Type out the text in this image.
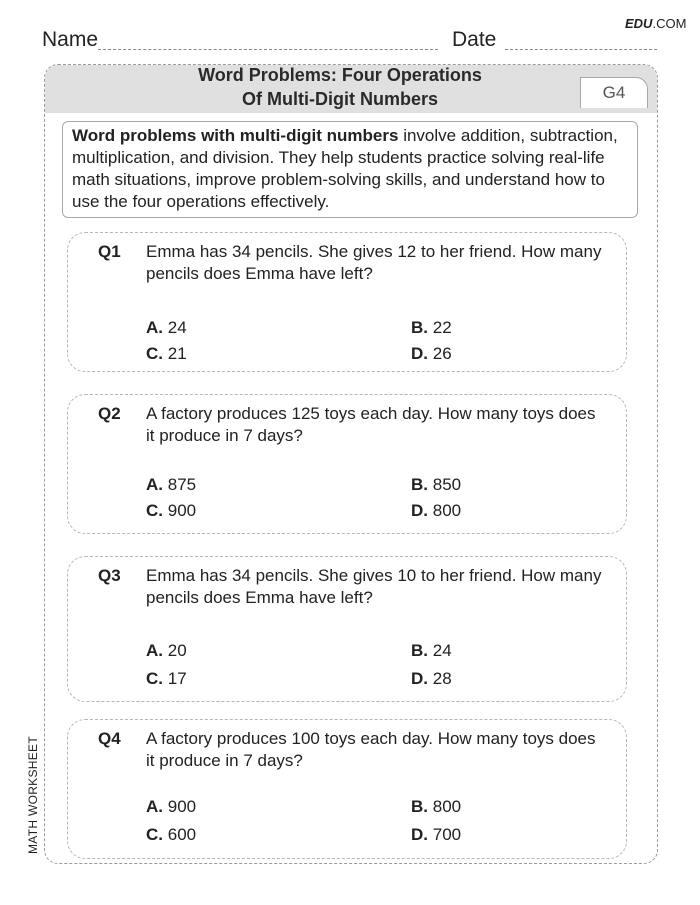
EDU.COM
Name	Date
Word Problems: Four Operations
Of Multi-Digit Numbers	G4
Word problems with multi-digit numbers involve addition, subtraction, multiplication, and division. They help students practice solving real-life math situations, improve problem-solving skills, and understand how to use the four operations effectively.
Q1 Emma has 34 pencils. She gives 12 to her friend. How many pencils does Emma have left?
A. 24	B. 22
C. 21	D. 26
Q2 A factory produces 125 toys each day. How many toys does it produce in 7 days?
A. 875	B. 850
C. 900	D. 800
Q3 Emma has 34 pencils. She gives 10 to her friend. How many pencils does Emma have left?
A. 20	B. 24
C. 17	D. 28
Q4 A factory produces 100 toys each day. How many toys does it produce in 7 days?
A. 900	B. 800
C. 600	D. 700
MATH WORKSHEET
